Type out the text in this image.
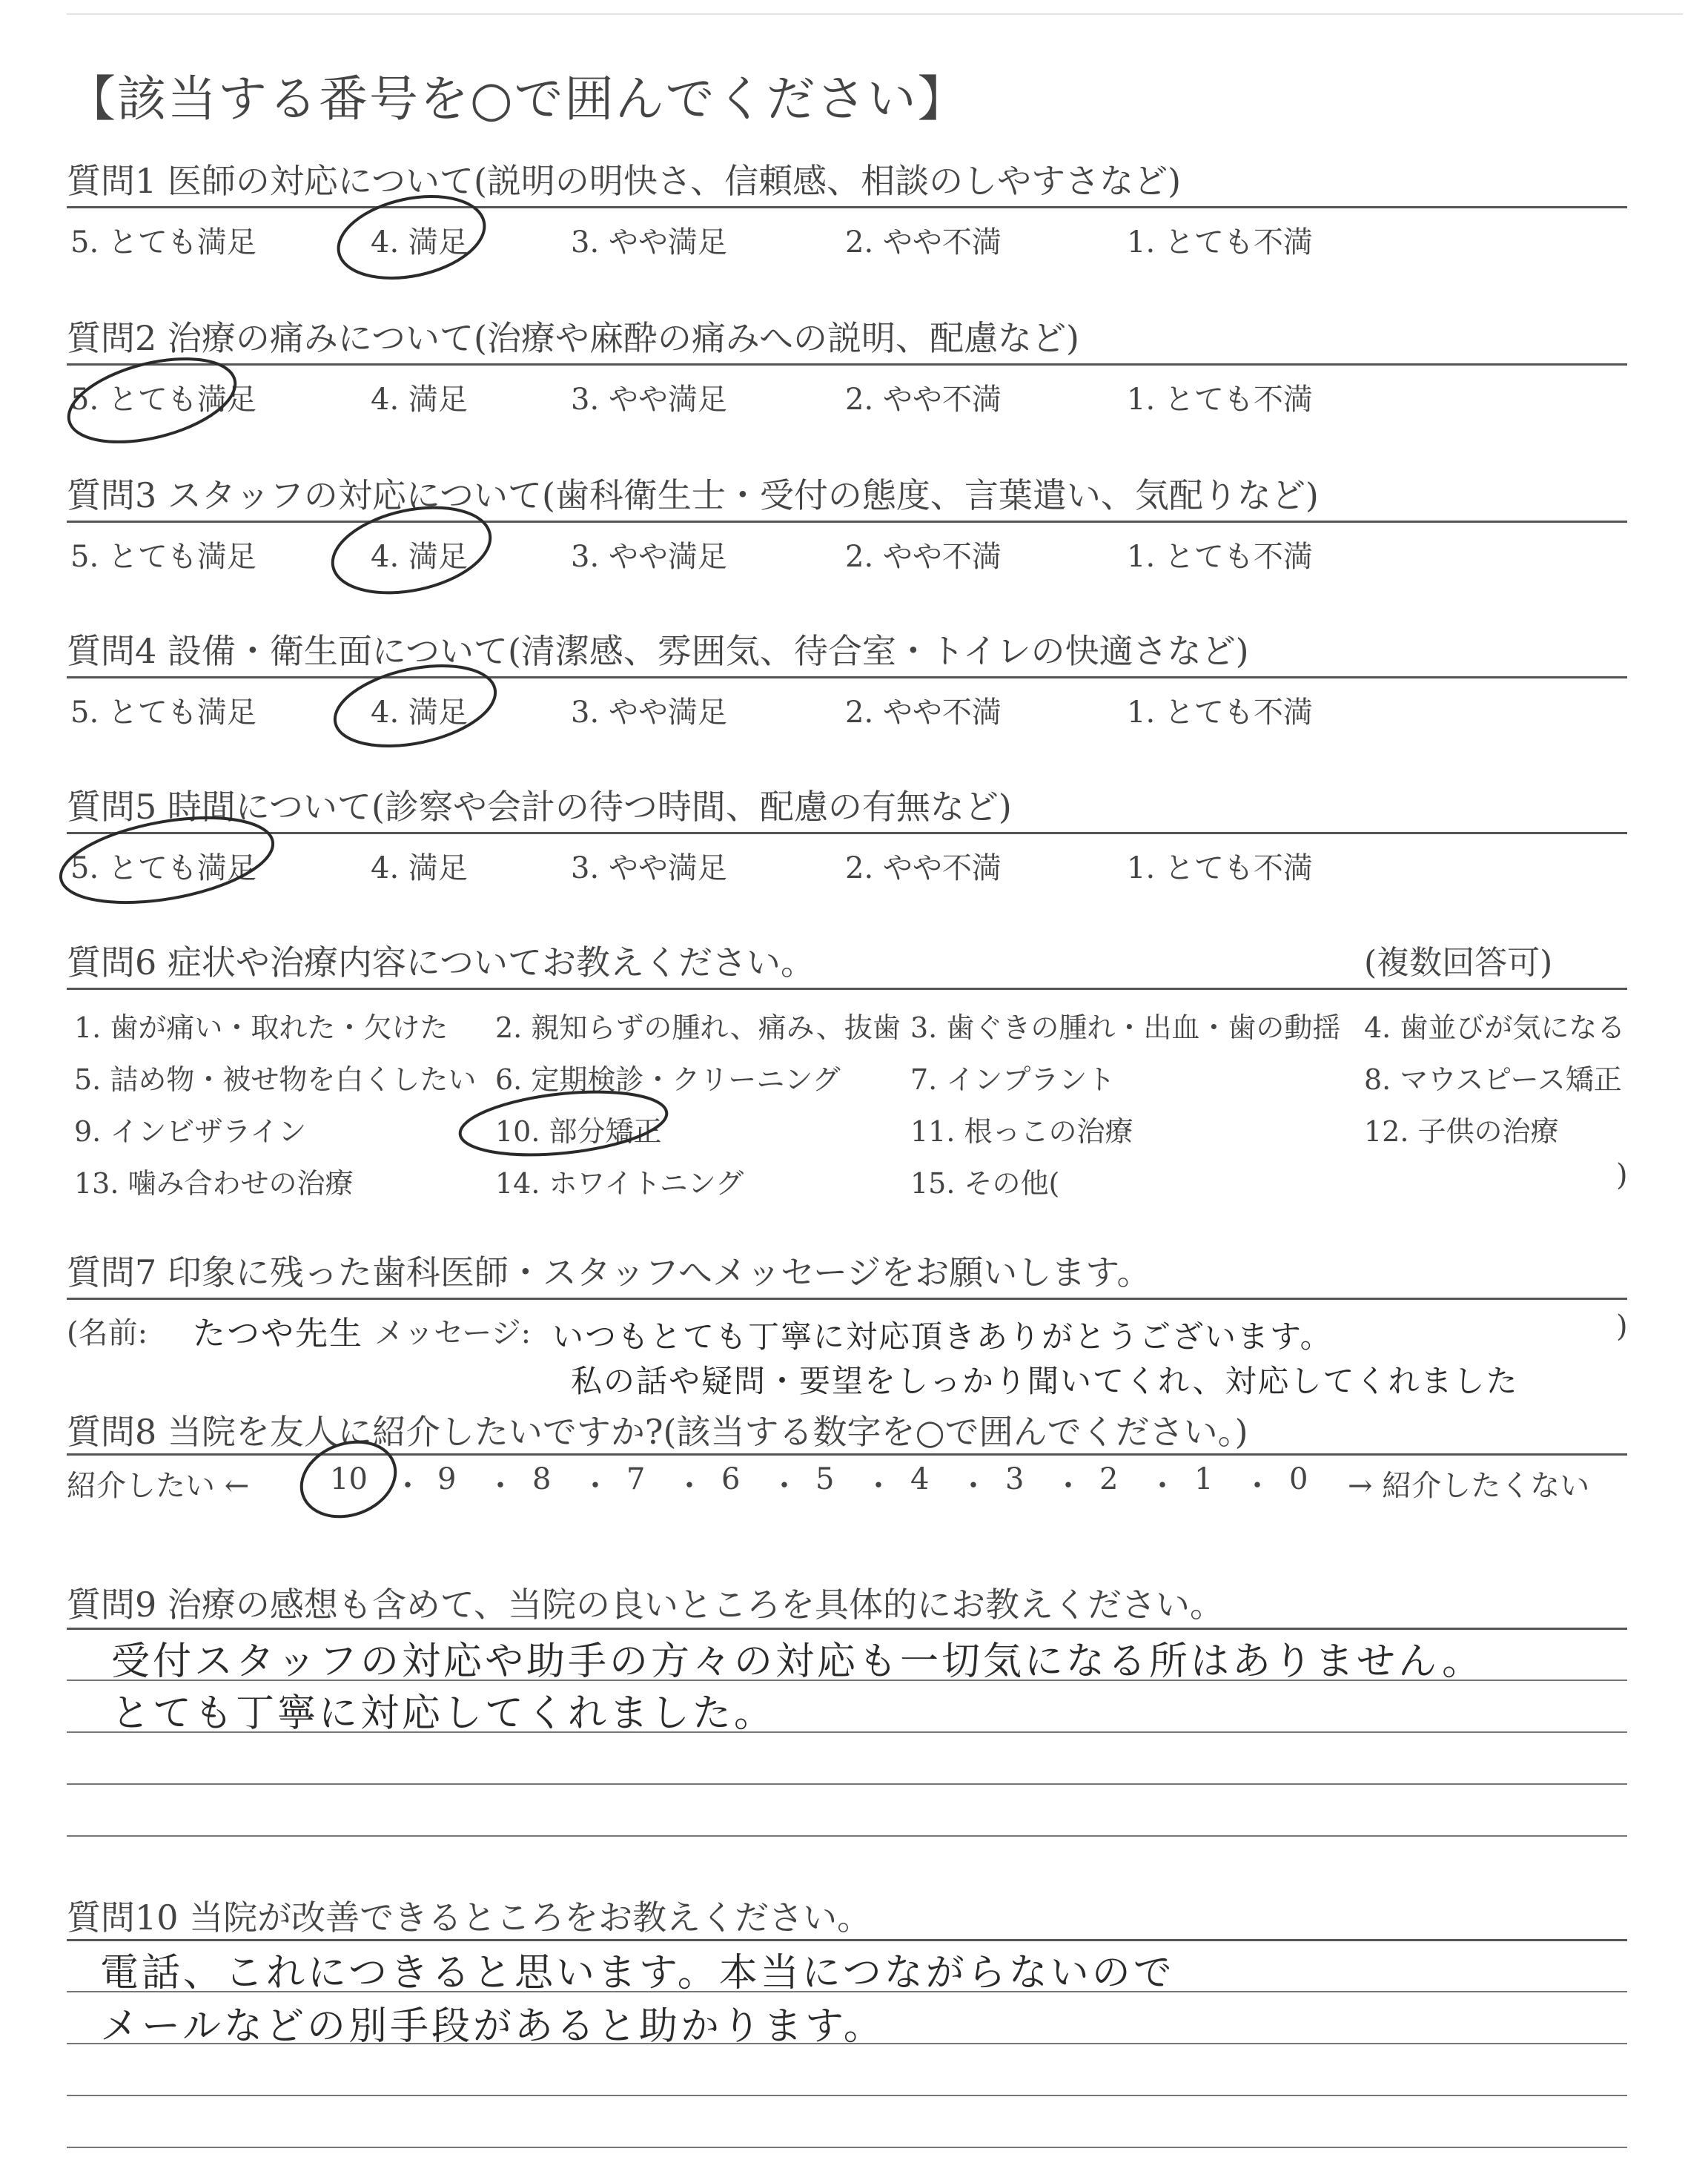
【該当する番号を○で囲んでください】
質問1 医師の対応について(説明の明快さ、信頼感、相談のしやすさなど)
5. とても満足	4. 満足	3. やや満足	2. やや不満	1. とても不満
質問2 治療の痛みについて(治療や麻酔の痛みへの説明、配慮など)
5. とても満足	4. 満足	3. やや満足	2. やや不満	1. とても不満
質問3 スタッフの対応について(歯科衛生士・受付の態度、言葉遣い、気配りなど)
5. とても満足	4. 満足	3. やや満足	2. やや不満	1. とても不満
質問4 設備・衛生面について(清潔感、雰囲気、待合室・トイレの快適さなど)
5. とても満足	4. 満足	3. やや満足	2. やや不満	1. とても不満
質問5 時間について(診察や会計の待つ時間、配慮の有無など)
5. とても満足	4. 満足	3. やや満足	2. やや不満	1. とても不満
質問6 症状や治療内容についてお教えください。	(複数回答可)
1. 歯が痛い・取れた・欠けた 2. 親知らずの腫れ、痛み、抜歯 3. 歯ぐきの腫れ・出血・歯の動揺 4. 歯並びが気になる
5. 詰め物・被せ物を白くしたい 6. 定期検診・クリーニング 7. インプラント	8. マウスピース矯正
9. インビザライン	10. 部分矯正	11. 根っこの治療	12. 子供の治療
13. 噛み合わせの治療	14. ホワイトニング	15. その他(	)
質問7 印象に残った歯科医師・スタッフへメッセージをお願いします。
(名前: たつや先生 メッセージ: いつもとても丁寧に対応頂きありがとうございます。	)
私の話や疑問・要望をしっかり聞いてくれ、対応してくれました
質問8 当院を友人に紹介したいですか?(該当する数字を○で囲んでください。)
紹介したい ←	→ 紹介したくない
10 ・ 9 ・ 8 ・ 7 ・ 6 ・ 5 ・ 4 ・ 3 ・ 2 ・ 1 ・ 0
質問9 治療の感想も含めて、当院の良いところを具体的にお教えください。
受付スタッフの対応や助手の方々の対応も一切気になる所はありません。
とても丁寧に対応してくれました。
質問10 当院が改善できるところをお教えください。
電話、これにつきると思います。本当につながらないので
メールなどの別手段があると助かります。
